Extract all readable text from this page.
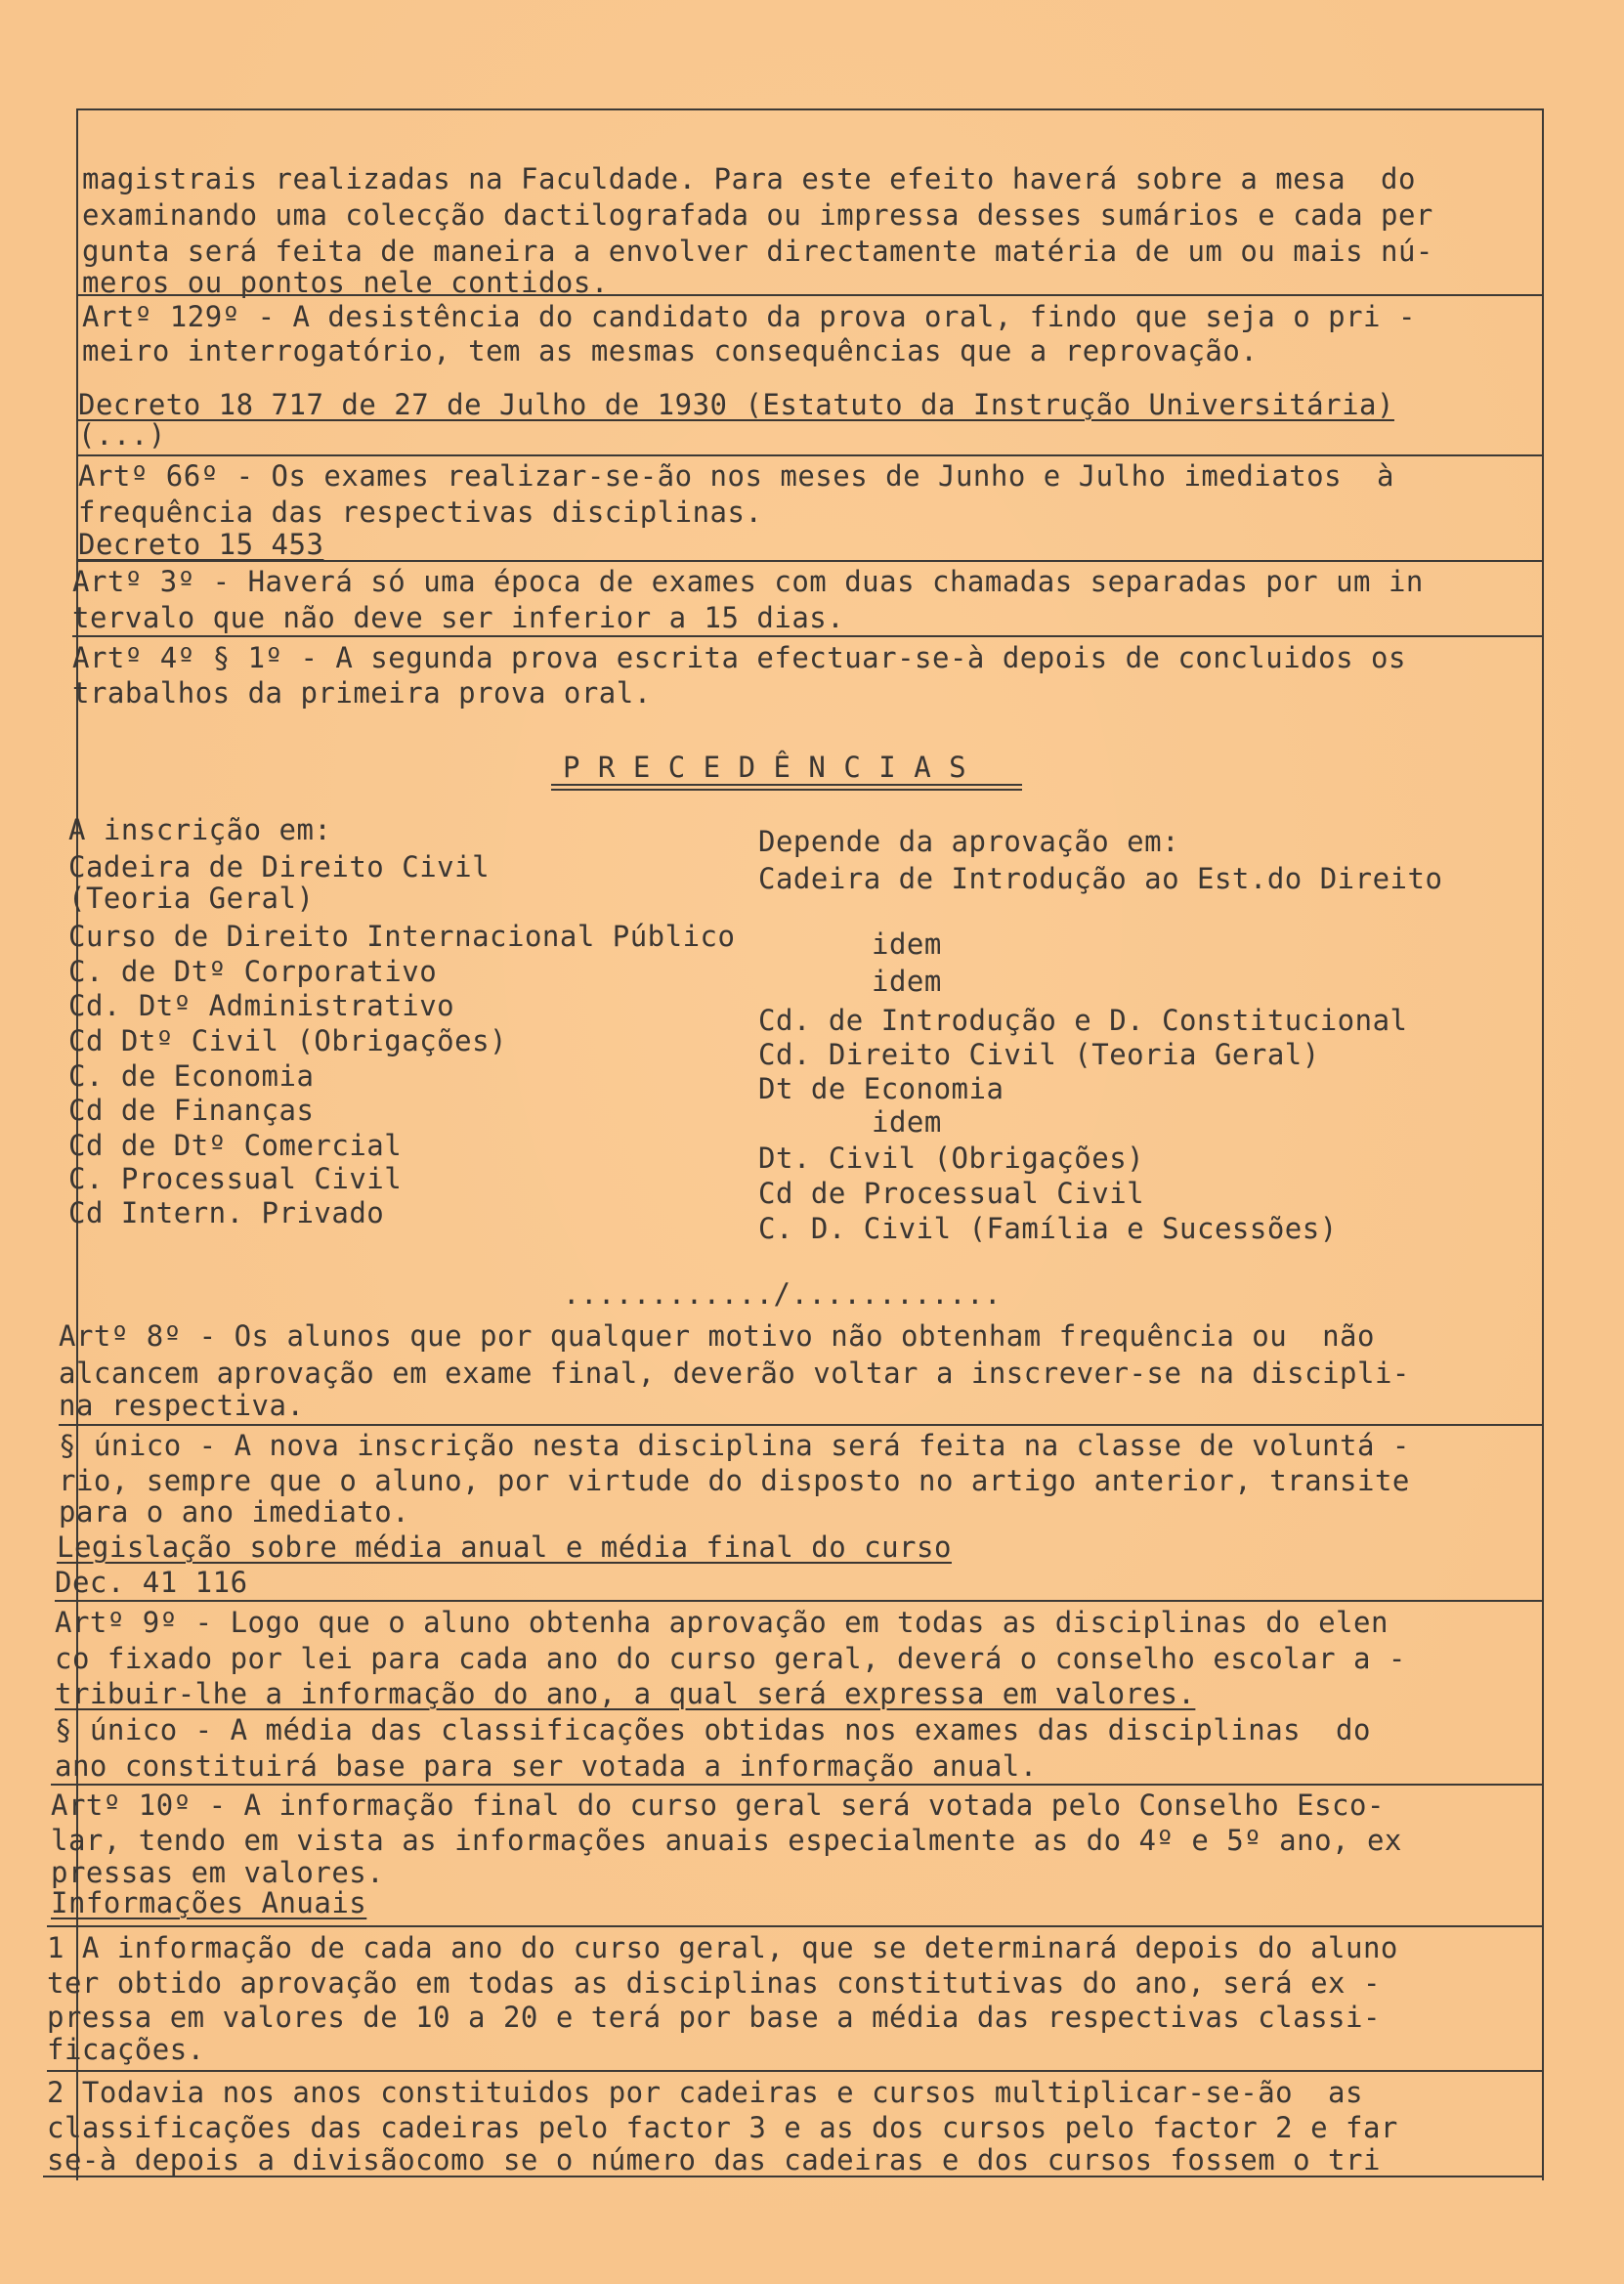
magistrais realizadas na Faculdade. Para este efeito haverá sobre a mesa  do
examinando uma colecção dactilografada ou impressa desses sumários e cada per
gunta será feita de maneira a envolver directamente matéria de um ou mais nú-
meros ou pontos nele contidos.
Artº 129º - A desistência do candidato da prova oral, findo que seja o pri -
meiro interrogatório, tem as mesmas consequências que a reprovação.
Decreto 18 717 de 27 de Julho de 1930 (Estatuto da Instrução Universitária)
(...)
Artº 66º - Os exames realizar-se-ão nos meses de Junho e Julho imediatos  à
frequência das respectivas disciplinas.
Decreto 15 453
Artº 3º - Haverá só uma época de exames com duas chamadas separadas por um in
tervalo que não deve ser inferior a 15 dias.
Artº 4º § 1º - A segunda prova escrita efectuar-se-à depois de concluidos os
trabalhos da primeira prova oral.
P R E C E D Ê N C I A S
A inscrição em:	Depende da aprovação em:
Cadeira de Direito Civil	Cadeira de Introdução ao Est.do Direito
(Teoria Geral)
Curso de Direito Internacional Público	idem
C. de Dtº Corporativo	idem
Cd. Dtº Administrativo	Cd. de Introdução e D. Constitucional
Cd Dtº Civil (Obrigações)	Cd. Direito Civil (Teoria Geral)
C. de Economia	Dt de Economia
Cd de Finanças	idem
Cd de Dtº Comercial	Dt. Civil (Obrigações)
C. Processual Civil	Cd de Processual Civil
Cd Intern. Privado	C. D. Civil (Família e Sucessões)
............/............
Artº 8º - Os alunos que por qualquer motivo não obtenham frequência ou  não
alcancem aprovação em exame final, deverão voltar a inscrever-se na discipli-
na respectiva.
§ único - A nova inscrição nesta disciplina será feita na classe de voluntá -
rio, sempre que o aluno, por virtude do disposto no artigo anterior, transite
para o ano imediato.
Legislação sobre média anual e média final do curso
Dec. 41 116
Artº 9º - Logo que o aluno obtenha aprovação em todas as disciplinas do elen
co fixado por lei para cada ano do curso geral, deverá o conselho escolar a -
tribuir-lhe a informação do ano, a qual será expressa em valores.
§ único - A média das classificações obtidas nos exames das disciplinas  do
ano constituirá base para ser votada a informação anual.
Artº 10º - A informação final do curso geral será votada pelo Conselho Esco-
lar, tendo em vista as informações anuais especialmente as do 4º e 5º ano, ex
pressas em valores.
Informações Anuais
1 A informação de cada ano do curso geral, que se determinará depois do aluno
ter obtido aprovação em todas as disciplinas constitutivas do ano, será ex -
pressa em valores de 10 a 20 e terá por base a média das respectivas classi-
ficações.
2 Todavia nos anos constituidos por cadeiras e cursos multiplicar-se-ão  as
classificações das cadeiras pelo factor 3 e as dos cursos pelo factor 2 e far
se-à depois a divisãocomo se o número das cadeiras e dos cursos fossem o tri
